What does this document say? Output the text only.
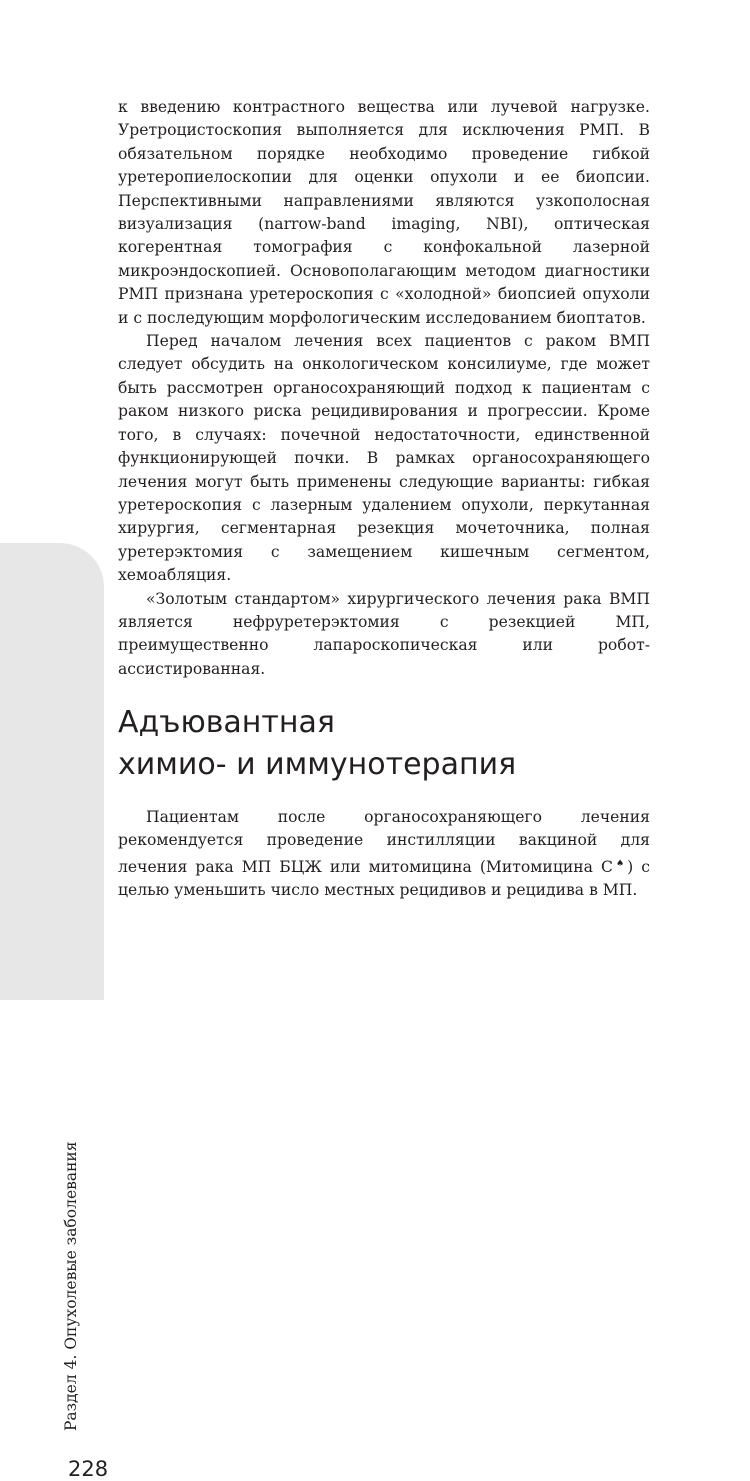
Раздел 4. Опухолевые заболевания
228

к введению контрастного вещества или лучевой нагрузке. Уретроцистоскопия выполняется для исключения РМП. В обязательном порядке необходимо проведение гибкой уретеропиелоскопии для оценки опухоли и ее биопсии. Перспективными направлениями являются узкополосная визуализация (narrow-band imaging, NBI), оптическая когерентная томография с конфокальной лазерной микроэндоскопией. Основополагающим методом диагностики РМП признана уретероскопия с «холодной» биопсией опухоли и с последующим морфологическим исследованием биоптатов.

Перед началом лечения всех пациентов с раком ВМП следует обсудить на онкологическом консилиуме, где может быть рассмотрен органосохраняющий подход к пациентам с раком низкого риска рецидивирования и прогрессии. Кроме того, в случаях: почечной недостаточности, единственной функционирующей почки. В рамках органосохраняющего лечения могут быть применены следующие варианты: гибкая уретероскопия с лазерным удалением опухоли, перкутанная хирургия, сегментарная резекция мочеточника, полная уретерэктомия с замещением кишечным сегментом, хемоабляция.

«Золотым стандартом» хирургического лечения рака ВМП является нефруретерэктомия с резекцией МП, преимущественно лапароскопическая или робот-ассистированная.

Адъювантная
химио- и иммунотерапия

Пациентам после органосохраняющего лечения рекомендуется проведение инстилляции вакциной для лечения рака МП БЦЖ или митомицина (Митомицина С♠) с целью уменьшить число местных рецидивов и рецидива в МП.
